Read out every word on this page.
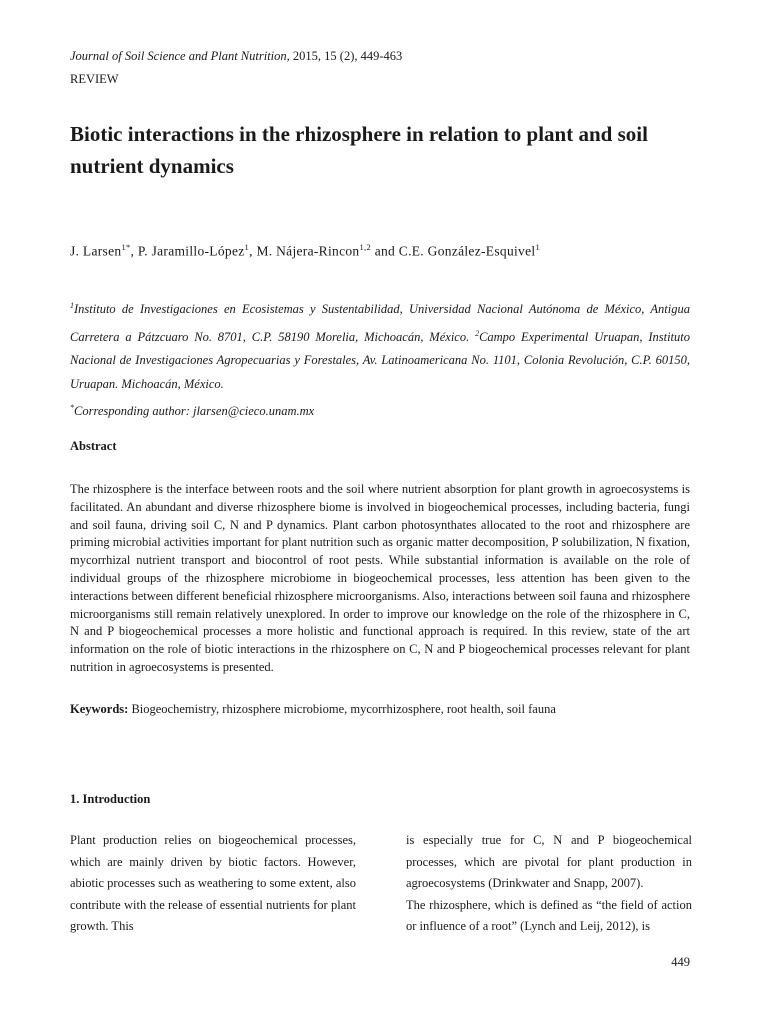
Journal of Soil Science and Plant Nutrition, 2015, 15 (2), 449-463
REVIEW
Biotic interactions in the rhizosphere in relation to plant and soil nutrient dynamics
J. Larsen$^{1*}$, P. Jaramillo-López$^1$, M. Nájera-Rincon$^{1,2}$ and C.E. González-Esquivel$^1$
$^1$Instituto de Investigaciones en Ecosistemas y Sustentabilidad, Universidad Nacional Autónoma de México, Antigua Carretera a Pátzcuaro No. 8701, C.P. 58190 Morelia, Michoacán, México. $^2$Campo Experimental Uruapan, Instituto Nacional de Investigaciones Agropecuarias y Forestales, Av. Latinoamericana No. 1101, Colonia Revolución, C.P. 60150, Uruapan. Michoacán, México.
*Corresponding author: jlarsen@cieco.unam.mx
Abstract

The rhizosphere is the interface between roots and the soil where nutrient absorption for plant growth in agroecosystems is facilitated. An abundant and diverse rhizosphere biome is involved in biogeochemical processes, including bacteria, fungi and soil fauna, driving soil C, N and P dynamics. Plant carbon photosynthates allocated to the root and rhizosphere are priming microbial activities important for plant nutrition such as organic matter decomposition, P solubilization, N fixation, mycorrhizal nutrient transport and biocontrol of root pests. While substantial information is available on the role of individual groups of the rhizosphere microbiome in biogeochemical processes, less attention has been given to the interactions between different beneficial rhizosphere microorganisms. Also, interactions between soil fauna and rhizosphere microorganisms still remain relatively unexplored. In order to improve our knowledge on the role of the rhizosphere in C, N and P biogeochemical processes a more holistic and functional approach is required. In this review, state of the art information on the role of biotic interactions in the rhizosphere on C, N and P biogeochemical processes relevant for plant nutrition in agroecosystems is presented.

Keywords: Biogeochemistry, rhizosphere microbiome, mycorrhizosphere, root health, soil fauna
1. Introduction

Plant production relies on biogeochemical processes, which are mainly driven by biotic factors. However, abiotic processes such as weathering to some extent, also contribute with the release of essential nutrients for plant growth. This

is especially true for C, N and P biogeochemical processes, which are pivotal for plant production in agroecosystems (Drinkwater and Snapp, 2007).
The rhizosphere, which is defined as “the field of action or influence of a root” (Lynch and Leij, 2012), is
449
